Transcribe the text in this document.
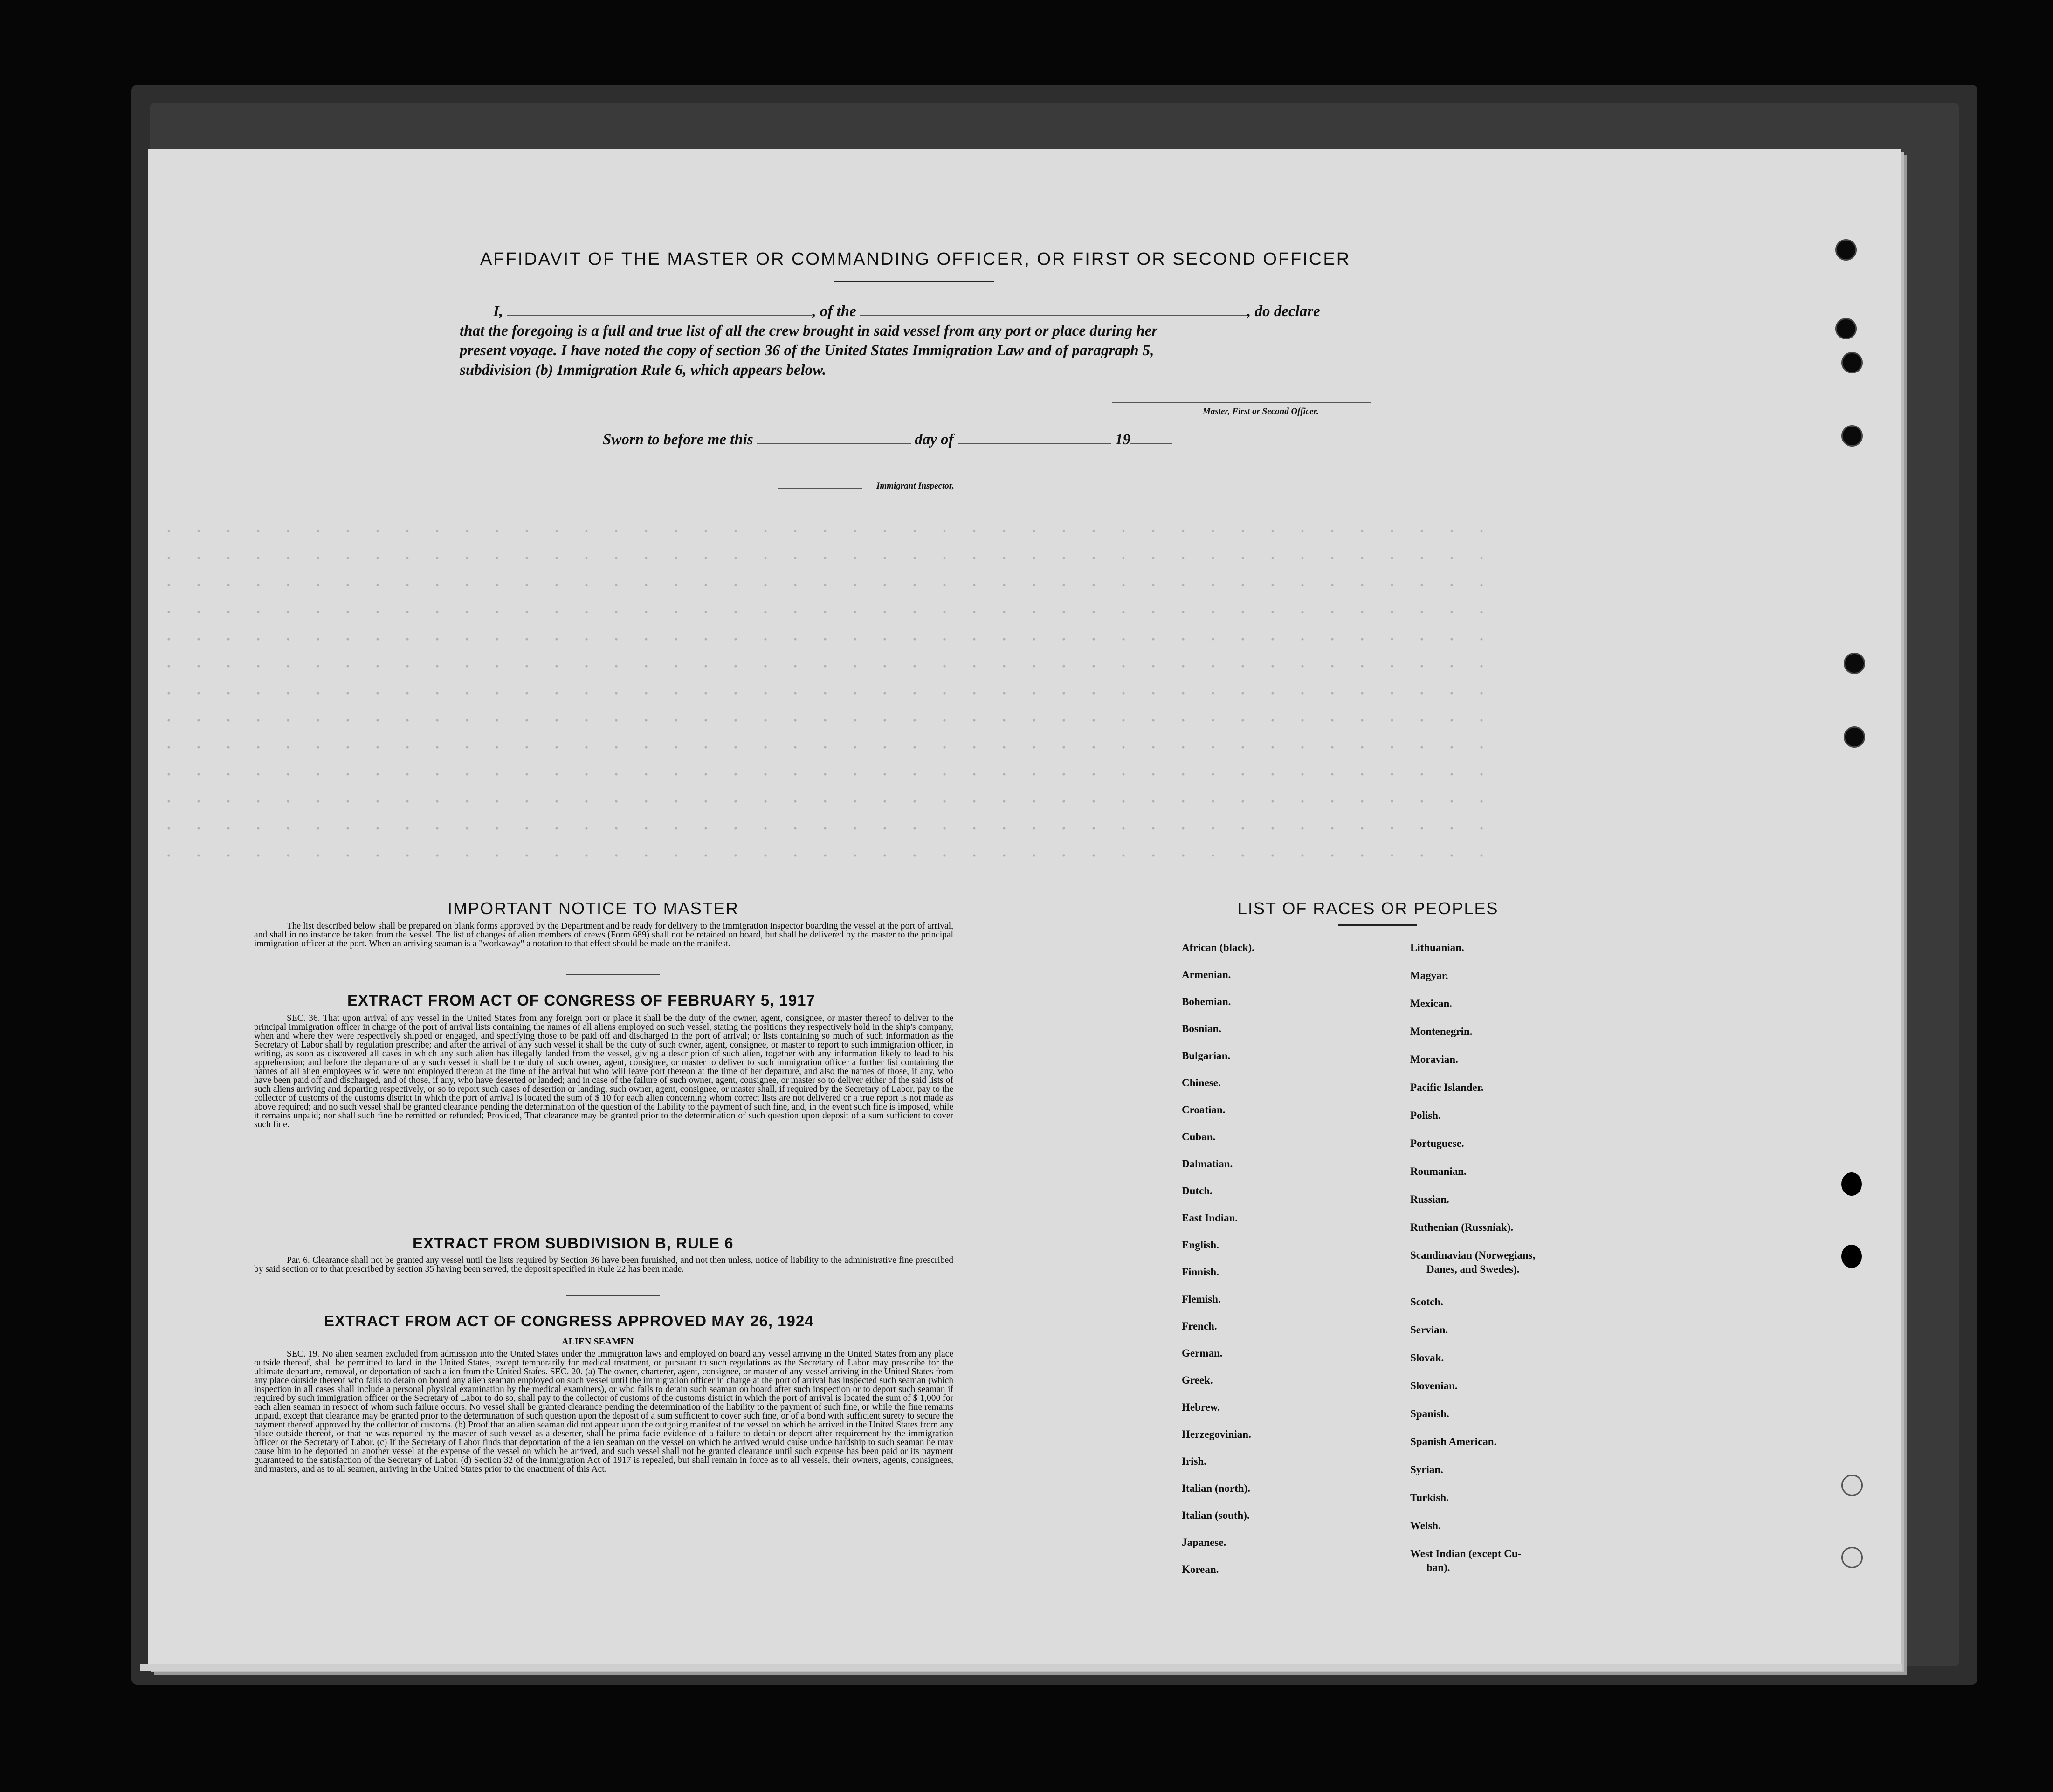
AFFIDAVIT OF THE MASTER OR COMMANDING OFFICER, OR FIRST OR SECOND OFFICER
I,	, of the	, do declare
that the foregoing is a full and true list of all the crew brought in said vessel from any port or place during her
present voyage. I have noted the copy of section 36 of the United States Immigration Law and of paragraph 5,
subdivision (b) Immigration Rule 6, which appears below.
Master, First or Second Officer.
Sworn to before me this	day of	19
Immigrant Inspector,
IMPORTANT NOTICE TO MASTER
The list described below shall be prepared on blank forms approved by the Department and be ready for delivery to the immigration inspector boarding the vessel at the port of arrival, and shall in no instance be taken from the vessel. The list of changes of alien members of crews (Form 689) shall not be retained on board, but shall be delivered by the master to the principal immigration officer at the port. When an arriving seaman is a "workaway" a notation to that effect should be made on the manifest.
EXTRACT FROM ACT OF CONGRESS OF FEBRUARY 5, 1917
SEC. 36. That upon arrival of any vessel in the United States from any foreign port or place it shall be the duty of the owner, agent, consignee, or master thereof to deliver to the principal immigration officer in charge of the port of arrival lists containing the names of all aliens employed on such vessel, stating the positions they respectively hold in the ship's company, when and where they were respectively shipped or engaged, and specifying those to be paid off and discharged in the port of arrival; or lists containing so much of such information as the Secretary of Labor shall by regulation prescribe; and after the arrival of any such vessel it shall be the duty of such owner, agent, consignee, or master to report to such immigration officer, in writing, as soon as discovered all cases in which any such alien has illegally landed from the vessel, giving a description of such alien, together with any information likely to lead to his apprehension; and before the departure of any such vessel it shall be the duty of such owner, agent, consignee, or master to deliver to such immigration officer a further list containing the names of all alien employees who were not employed thereon at the time of the arrival but who will leave port thereon at the time of her departure, and also the names of those, if any, who have been paid off and discharged, and of those, if any, who have deserted or landed; and in case of the failure of such owner, agent, consignee, or master so to deliver either of the said lists of such aliens arriving and departing respectively, or so to report such cases of desertion or landing, such owner, agent, consignee, or master shall, if required by the Secretary of Labor, pay to the collector of customs of the customs district in which the port of arrival is located the sum of $ 10 for each alien concerning whom correct lists are not delivered or a true report is not made as above required; and no such vessel shall be granted clearance pending the determination of the question of the liability to the payment of such fine, and, in the event such fine is imposed, while it remains unpaid; nor shall such fine be remitted or refunded; Provided, That clearance may be granted prior to the determination of such question upon deposit of a sum sufficient to cover such fine.
EXTRACT FROM SUBDIVISION B, RULE 6
Par. 6. Clearance shall not be granted any vessel until the lists required by Section 36 have been furnished, and not then unless, notice of liability to the administrative fine prescribed by said section or to that prescribed by section 35 having been served, the deposit specified in Rule 22 has been made.
EXTRACT FROM ACT OF CONGRESS APPROVED MAY 26, 1924
ALIEN SEAMEN
SEC. 19. No alien seamen excluded from admission into the United States under the immigration laws and employed on board any vessel arriving in the United States from any place outside thereof, shall be permitted to land in the United States, except temporarily for medical treatment, or pursuant to such regulations as the Secretary of Labor may prescribe for the ultimate departure, removal, or deportation of such alien from the United States. SEC. 20. (a) The owner, charterer, agent, consignee, or master of any vessel arriving in the United States from any place outside thereof who fails to detain on board any alien seaman employed on such vessel until the immigration officer in charge at the port of arrival has inspected such seaman (which inspection in all cases shall include a personal physical examination by the medical examiners), or who fails to detain such seaman on board after such inspection or to deport such seaman if required by such immigration officer or the Secretary of Labor to do so, shall pay to the collector of customs of the customs district in which the port of arrival is located the sum of $ 1,000 for each alien seaman in respect of whom such failure occurs. No vessel shall be granted clearance pending the determination of the liability to the payment of such fine, or while the fine remains unpaid, except that clearance may be granted prior to the determination of such question upon the deposit of a sum sufficient to cover such fine, or of a bond with sufficient surety to secure the payment thereof approved by the collector of customs. (b) Proof that an alien seaman did not appear upon the outgoing manifest of the vessel on which he arrived in the United States from any place outside thereof, or that he was reported by the master of such vessel as a deserter, shall be prima facie evidence of a failure to detain or deport after requirement by the immigration officer or the Secretary of Labor. (c) If the Secretary of Labor finds that deportation of the alien seaman on the vessel on which he arrived would cause undue hardship to such seaman he may cause him to be deported on another vessel at the expense of the vessel on which he arrived, and such vessel shall not be granted clearance until such expense has been paid or its payment guaranteed to the satisfaction of the Secretary of Labor. (d) Section 32 of the Immigration Act of 1917 is repealed, but shall remain in force as to all vessels, their owners, agents, consignees, and masters, and as to all seamen, arriving in the United States prior to the enactment of this Act.
LIST OF RACES OR PEOPLES
African (black).
Armenian.
Bohemian.
Bosnian.
Bulgarian.
Chinese.
Croatian.
Cuban.
Dalmatian.
Dutch.
East Indian.
English.
Finnish.
Flemish.
French.
German.
Greek.
Hebrew.
Herzegovinian.
Irish.
Italian (north).
Italian (south).
Japanese.
Korean.
Lithuanian.
Magyar.
Mexican.
Montenegrin.
Moravian.
Pacific Islander.
Polish.
Portuguese.
Roumanian.
Russian.
Ruthenian (Russniak).
Scandinavian (Norwegians,
Danes, and Swedes).
Scotch.
Servian.
Slovak.
Slovenian.
Spanish.
Spanish American.
Syrian.
Turkish.
Welsh.
West Indian (except Cu-
ban).
